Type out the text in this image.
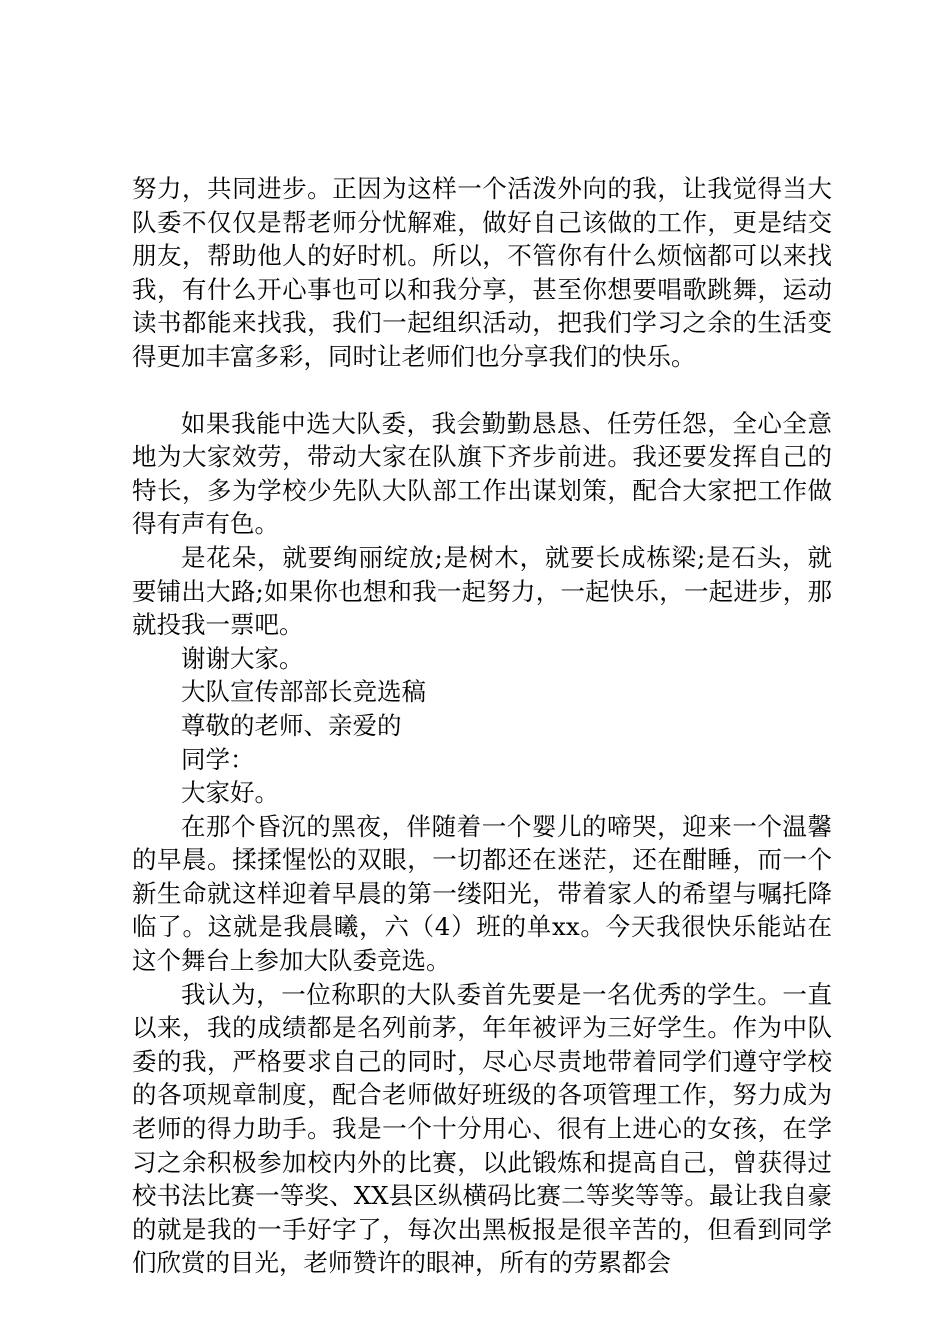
努力，共同进步。正因为这样一个活泼外向的我，让我觉得当大队委不仅仅是帮老师分忧解难，做好自己该做的工作，更是结交朋友，帮助他人的好时机。所以，不管你有什么烦恼都可以来找我，有什么开心事也可以和我分享，甚至你想要唱歌跳舞，运动读书都能来找我，我们一起组织活动，把我们学习之余的生活变得更加丰富多彩，同时让老师们也分享我们的快乐。

如果我能中选大队委，我会勤勤恳恳、任劳任怨，全心全意地为大家效劳，带动大家在队旗下齐步前进。我还要发挥自己的特长，多为学校少先队大队部工作出谋划策，配合大家把工作做得有声有色。

是花朵，就要绚丽绽放;是树木，就要长成栋梁;是石头，就要铺出大路;如果你也想和我一起努力，一起快乐，一起进步，那就投我一票吧。

谢谢大家。

大队宣传部部长竞选稿

尊敬的老师、亲爱的

同学：

大家好。

在那个昏沉的黑夜，伴随着一个婴儿的啼哭，迎来一个温馨的早晨。揉揉惺忪的双眼，一切都还在迷茫，还在酣睡，而一个新生命就这样迎着早晨的第一缕阳光，带着家人的希望与嘱托降临了。这就是我晨曦，六（4）班的单xx。今天我很快乐能站在这个舞台上参加大队委竞选。

我认为，一位称职的大队委首先要是一名优秀的学生。一直以来，我的成绩都是名列前茅，年年被评为三好学生。作为中队委的我，严格要求自己的同时，尽心尽责地带着同学们遵守学校的各项规章制度，配合老师做好班级的各项管理工作，努力成为老师的得力助手。我是一个十分用心、很有上进心的女孩，在学习之余积极参加校内外的比赛，以此锻炼和提高自己，曾获得过校书法比赛一等奖、XX县区纵横码比赛二等奖等等。最让我自豪的就是我的一手好字了，每次出黑板报是很辛苦的，但看到同学们欣赏的目光，老师赞许的眼神，所有的劳累都会
